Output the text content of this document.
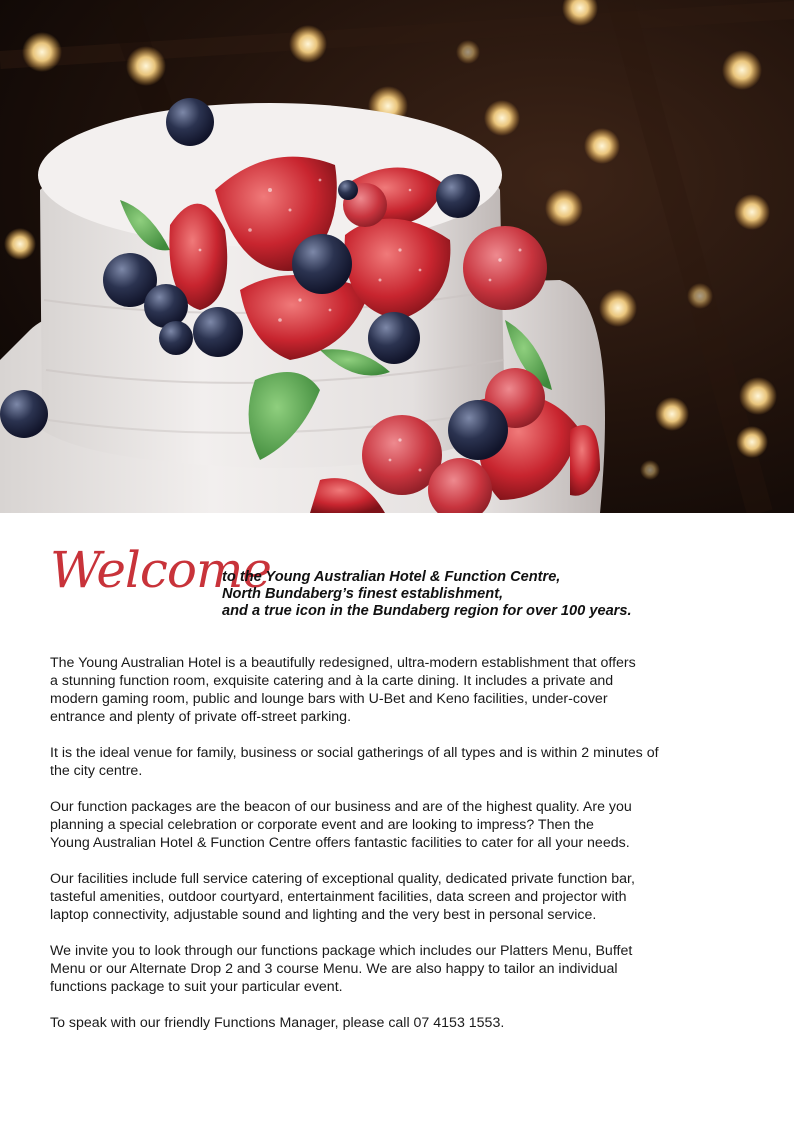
Welcome
to the Young Australian Hotel & Function Centre,
North Bundaberg’s finest establishment,
and a true icon in the Bundaberg region for over 100 years.

The Young Australian Hotel is a beautifully redesigned, ultra-modern establishment that offers
a stunning function room, exquisite catering and à la carte dining. It includes a private and
modern gaming room, public and lounge bars with U-Bet and Keno facilities, under-cover
entrance and plenty of private off-street parking.

It is the ideal venue for family, business or social gatherings of all types and is within 2 minutes of
the city centre.

Our function packages are the beacon of our business and are of the highest quality. Are you
planning a special celebration or corporate event and are looking to impress? Then the
Young Australian Hotel & Function Centre offers fantastic facilities to cater for all your needs.

Our facilities include full service catering of exceptional quality, dedicated private function bar,
tasteful amenities, outdoor courtyard, entertainment facilities, data screen and projector with
laptop connectivity, adjustable sound and lighting and the very best in personal service.

We invite you to look through our functions package which includes our Platters Menu, Buffet
Menu or our Alternate Drop 2 and 3 course Menu. We are also happy to tailor an individual
functions package to suit your particular event.

To speak with our friendly Functions Manager, please call 07 4153 1553.
